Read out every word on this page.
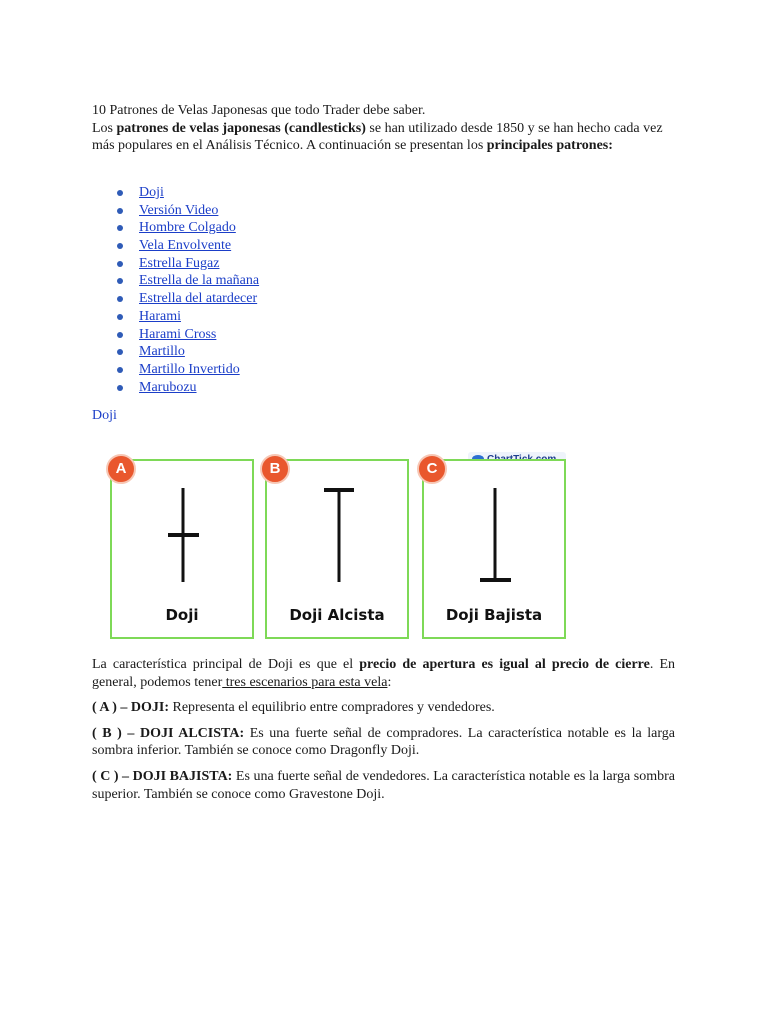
10 Patrones de Velas Japonesas que todo Trader debe saber.

Los patrones de velas japonesas (candlesticks) se han utilizado desde 1850 y se han hecho cada vez más populares en el Análisis Técnico. A continuación se presentan los principales patrones:

Doji
Versión Video
Hombre Colgado
Vela Envolvente
Estrella Fugaz
Estrella de la mañana
Estrella del atardecer
Harami
Harami Cross
Martillo
Martillo Invertido
Marubozu
Doji
Doji	Doji Alcista	Doji Bajista
A	B	C

La característica principal de Doji es que el precio de apertura es igual al precio de cierre. En general, podemos tener tres escenarios para esta vela:

( A ) – DOJI: Representa el equilibrio entre compradores y vendedores.

( B ) – DOJI ALCISTA: Es una fuerte señal de compradores. La característica notable es la larga sombra inferior. También se conoce como Dragonfly Doji.

( C ) – DOJI BAJISTA: Es una fuerte señal de vendedores. La característica notable es la larga sombra superior. También se conoce como Gravestone Doji.
